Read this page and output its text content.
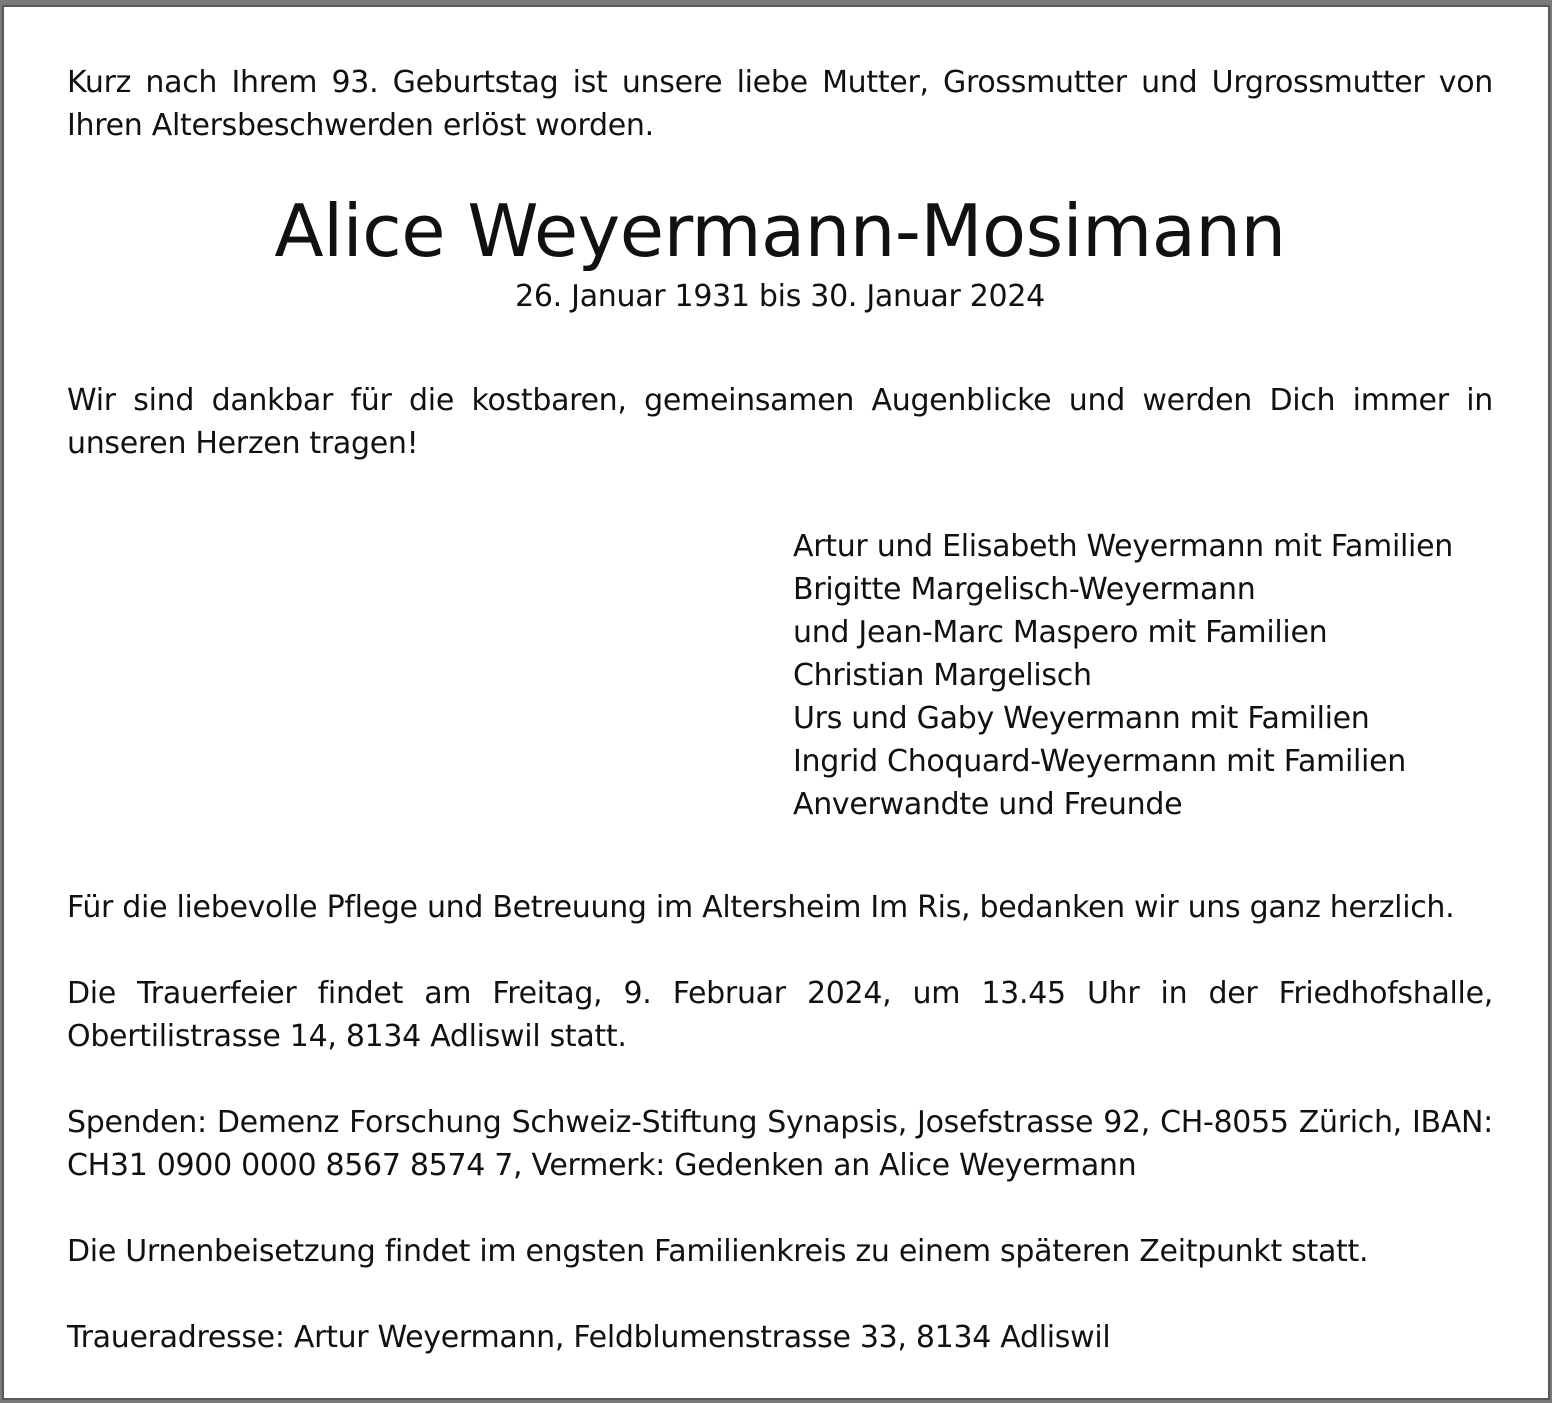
Kurz nach Ihrem 93. Geburtstag ist unsere liebe Mutter, Grossmutter und Urgrossmutter von Ihren Altersbeschwerden erlöst worden.

Alice Weyermann-Mosimann

26. Januar 1931 bis 30. Januar 2024

Wir sind dankbar für die kostbaren, gemeinsamen Augenblicke und werden Dich immer in unseren Herzen tragen!

Artur und Elisabeth Weyermann mit Familien
Brigitte Margelisch-Weyermann
und Jean-Marc Maspero mit Familien
Christian Margelisch
Urs und Gaby Weyermann mit Familien
Ingrid Choquard-Weyermann mit Familien
Anverwandte und Freunde

Für die liebevolle Pflege und Betreuung im Altersheim Im Ris, bedanken wir uns ganz herzlich.

Die Trauerfeier findet am Freitag, 9. Februar 2024, um 13.45 Uhr in der Friedhofshalle, Obertilistrasse 14, 8134 Adliswil statt.

Spenden: Demenz Forschung Schweiz-Stiftung Synapsis, Josefstrasse 92, CH-8055 Zürich, IBAN: CH31 0900 0000 8567 8574 7, Vermerk: Gedenken an Alice Weyermann

Die Urnenbeisetzung findet im engsten Familienkreis zu einem späteren Zeitpunkt statt.

Traueradresse: Artur Weyermann, Feldblumenstrasse 33, 8134 Adliswil
